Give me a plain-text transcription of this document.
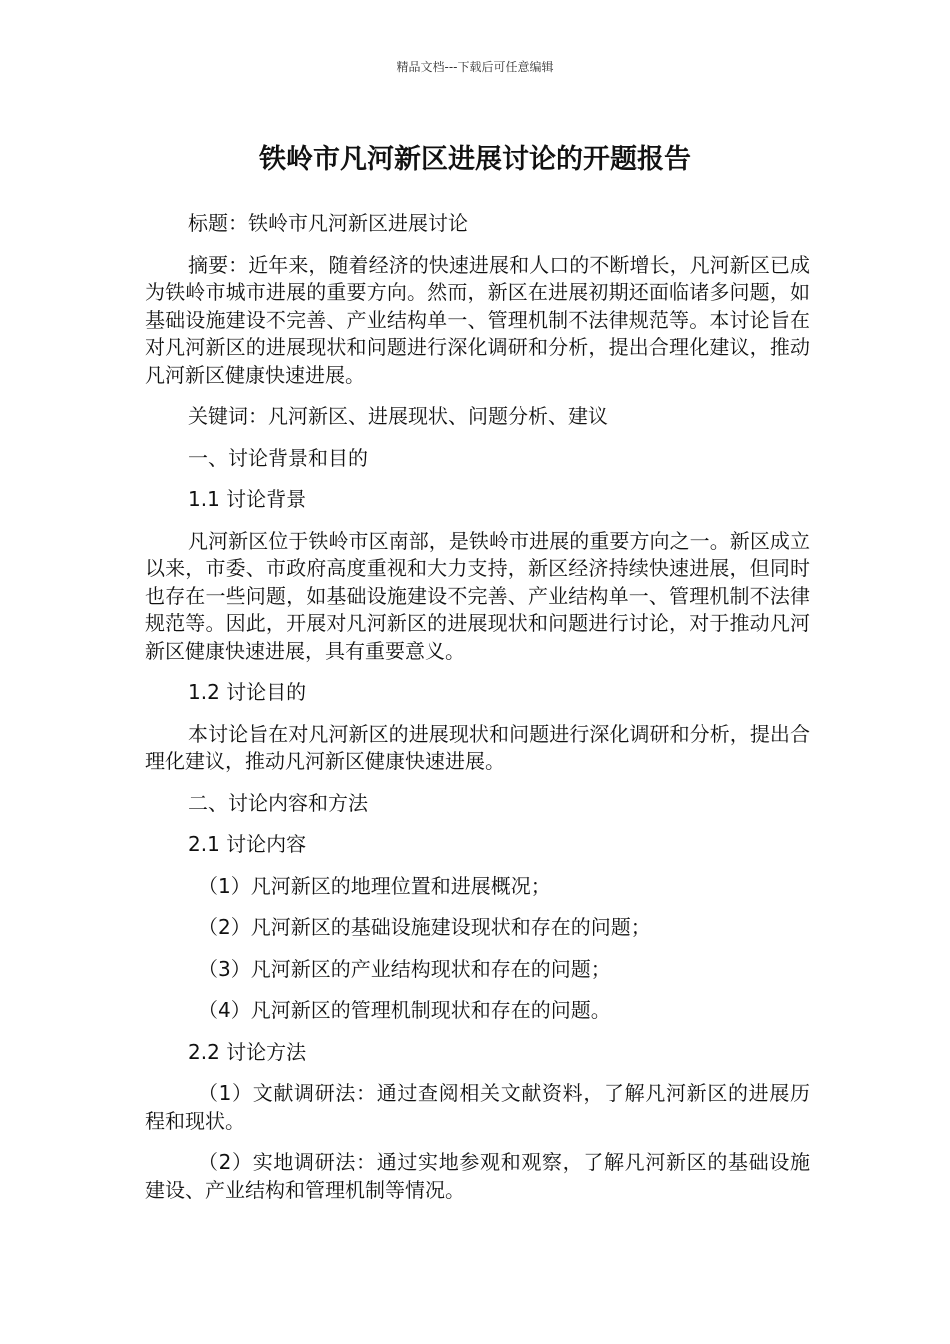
精品文档---下载后可任意编辑
铁岭市凡河新区进展讨论的开题报告

标题：铁岭市凡河新区进展讨论

摘要：近年来，随着经济的快速进展和人口的不断增长，凡河新区已成为铁岭市城市进展的重要方向。然而，新区在进展初期还面临诸多问题，如基础设施建设不完善、产业结构单一、管理机制不法律规范等。本讨论旨在对凡河新区的进展现状和问题进行深化调研和分析，提出合理化建议，推动凡河新区健康快速进展。

关键词：凡河新区、进展现状、问题分析、建议

一、讨论背景和目的

1.1 讨论背景

凡河新区位于铁岭市区南部，是铁岭市进展的重要方向之一。新区成立以来，市委、市政府高度重视和大力支持，新区经济持续快速进展，但同时也存在一些问题，如基础设施建设不完善、产业结构单一、管理机制不法律规范等。因此，开展对凡河新区的进展现状和问题进行讨论，对于推动凡河新区健康快速进展，具有重要意义。

1.2 讨论目的

本讨论旨在对凡河新区的进展现状和问题进行深化调研和分析，提出合理化建议，推动凡河新区健康快速进展。

二、讨论内容和方法

2.1 讨论内容

（1）凡河新区的地理位置和进展概况；

（2）凡河新区的基础设施建设现状和存在的问题；

（3）凡河新区的产业结构现状和存在的问题；

（4）凡河新区的管理机制现状和存在的问题。

2.2 讨论方法

（1）文献调研法：通过查阅相关文献资料，了解凡河新区的进展历程和现状。

（2）实地调研法：通过实地参观和观察，了解凡河新区的基础设施建设、产业结构和管理机制等情况。
